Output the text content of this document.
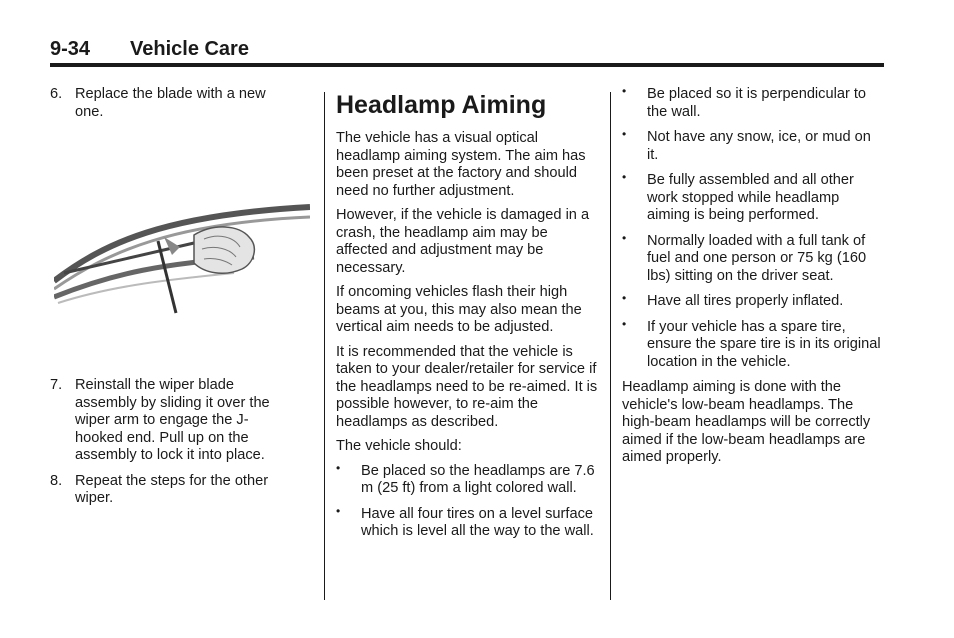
9-34 Vehicle Care
6. Replace the blade with a new one.
7. Reinstall the wiper blade assembly by sliding it over the wiper arm to engage the J-hooked end. Pull up on the assembly to lock it into place.
8. Repeat the steps for the other wiper.
Headlamp Aiming

The vehicle has a visual optical headlamp aiming system. The aim has been preset at the factory and should need no further adjustment.

However, if the vehicle is damaged in a crash, the headlamp aim may be affected and adjustment may be necessary.

If oncoming vehicles flash their high beams at you, this may also mean the vertical aim needs to be adjusted.

It is recommended that the vehicle is taken to your dealer/retailer for service if the headlamps need to be re-aimed. It is possible however, to re-aim the headlamps as described.

The vehicle should:

• Be placed so the headlamps are 7.6 m (25 ft) from a light colored wall.
• Have all four tires on a level surface which is level all the way to the wall.
• Be placed so it is perpendicular to the wall.
• Not have any snow, ice, or mud on it.
• Be fully assembled and all other work stopped while headlamp aiming is being performed.
• Normally loaded with a full tank of fuel and one person or 75 kg (160 lbs) sitting on the driver seat.
• Have all tires properly inflated.
• If your vehicle has a spare tire, ensure the spare tire is in its original location in the vehicle.

Headlamp aiming is done with the vehicle's low-beam headlamps. The high-beam headlamps will be correctly aimed if the low-beam headlamps are aimed properly.
